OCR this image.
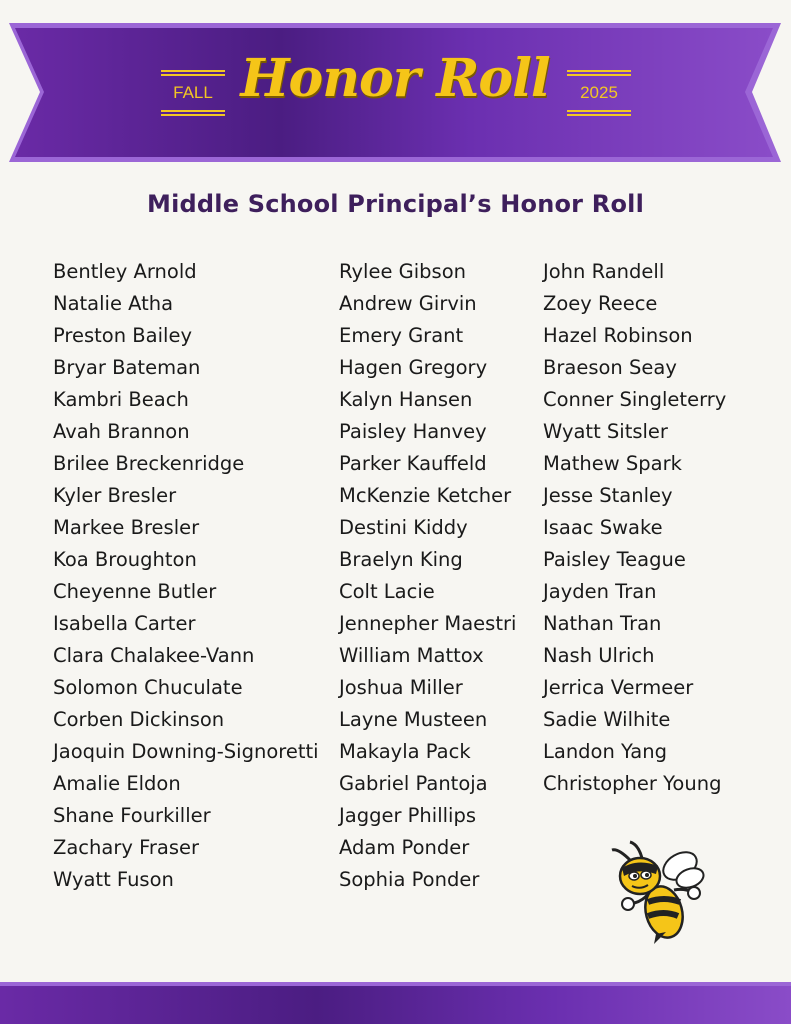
FALL Honor Roll	2025
Middle School Principal’s Honor Roll
Bentley Arnold
Natalie Atha
Preston Bailey
Bryar Bateman
Kambri Beach
Avah Brannon
Brilee Breckenridge
Kyler Bresler
Markee Bresler
Koa Broughton
Cheyenne Butler
Isabella Carter
Clara Chalakee-Vann
Solomon Chuculate
Corben Dickinson
Jaoquin Downing-Signoretti
Amalie Eldon
Shane Fourkiller
Zachary Fraser
Wyatt Fuson
Rylee Gibson
Andrew Girvin
Emery Grant
Hagen Gregory
Kalyn Hansen
Paisley Hanvey
Parker Kauffeld
McKenzie Ketcher
Destini Kiddy
Braelyn King
Colt Lacie
Jennepher Maestri
William Mattox
Joshua Miller
Layne Musteen
Makayla Pack
Gabriel Pantoja
Jagger Phillips
Adam Ponder
Sophia Ponder
John Randell
Zoey Reece
Hazel Robinson
Braeson Seay
Conner Singleterry
Wyatt Sitsler
Mathew Spark
Jesse Stanley
Isaac Swake
Paisley Teague
Jayden Tran
Nathan Tran
Nash Ulrich
Jerrica Vermeer
Sadie Wilhite
Landon Yang
Christopher Young
